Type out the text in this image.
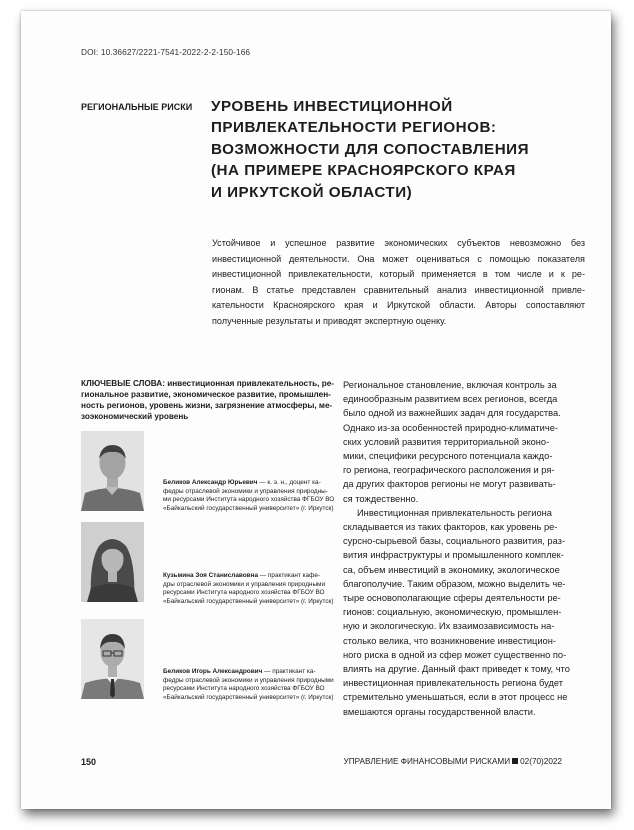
DOI: 10.36627/2221-7541-2022-2-2-150-166
РЕГИОНАЛЬНЫЕ РИСКИ УРОВЕНЬ ИНВЕСТИЦИОННОЙ
ПРИВЛЕКАТЕЛЬНОСТИ РЕГИОНОВ:
ВОЗМОЖНОСТИ ДЛЯ СОПОСТАВЛЕНИЯ
(НА ПРИМЕРЕ КРАСНОЯРСКОГО КРАЯ
И ИРКУТСКОЙ ОБЛАСТИ)
Устойчивое и успешное развитие экономических субъектов невозможно без
инвестиционной деятельности. Она может оцениваться с помощью показателя
инвестиционной привлекательности, который применяется в том числе и к ре-
гионам. В статье представлен сравнительный анализ инвестиционной привле-
кательности Красноярского края и Иркутской области. Авторы сопоставляют
полученные результаты и приводят экспертную оценку.
КЛЮЧЕВЫЕ СЛОВА: инвестиционная привлекательность, ре-
гиональное развитие, экономическое развитие, промышлен-
ность регионов, уровень жизни, загрязнение атмосферы, ме-
зоэкономический уровень
Беликов Александр Юрьевич — к. э. н., доцент ка-
федры отраслевой экономики и управления природны-
ми ресурсами Института народного хозяйства ФГБОУ ВО
«Байкальский государственный университет» (г. Иркутск)
Кузьмина Зоя Станиславовна — практикант кафе-
дры отраслевой экономики и управления природными
ресурсами Института народного хозяйства ФГБОУ ВО
«Байкальский государственный университет» (г. Иркутск)
Беликов Игорь Александрович — практикант ка-
федры отраслевой экономики и управления природными
ресурсами Института народного хозяйства ФГБОУ ВО
«Байкальский государственный университет» (г. Иркутск)
Региональное становление, включая контроль за
единообразным развитием всех регионов, всегда
было одной из важнейших задач для государства.
Однако из-за особенностей природно-климатиче-
ских условий развития территориальной эконо-
мики, специфики ресурсного потенциала каждо-
го региона, географического расположения и ря-
да других факторов регионы не могут развивать-
ся тождественно.
Инвестиционная привлекательность региона
складывается из таких факторов, как уровень ре-
сурсно-сырьевой базы, социального развития, раз-
вития инфраструктуры и промышленного комплек-
са, объем инвестиций в экономику, экологическое
благополучие. Таким образом, можно выделить че-
тыре основополагающие сферы деятельности ре-
гионов: социальную, экономическую, промышлен-
ную и экологическую. Их взаимозависимость на-
столько велика, что возникновение инвестицион-
ного риска в одной из сфер может существенно по-
влиять на другие. Данный факт приведет к тому, что
инвестиционная привлекательность региона будет
стремительно уменьшаться, если в этот процесс не
вмешаются органы государственной власти.
150	УПРАВЛЕНИЕ ФИНАНСОВЫМИ РИСКАМИ 02(70)2022
